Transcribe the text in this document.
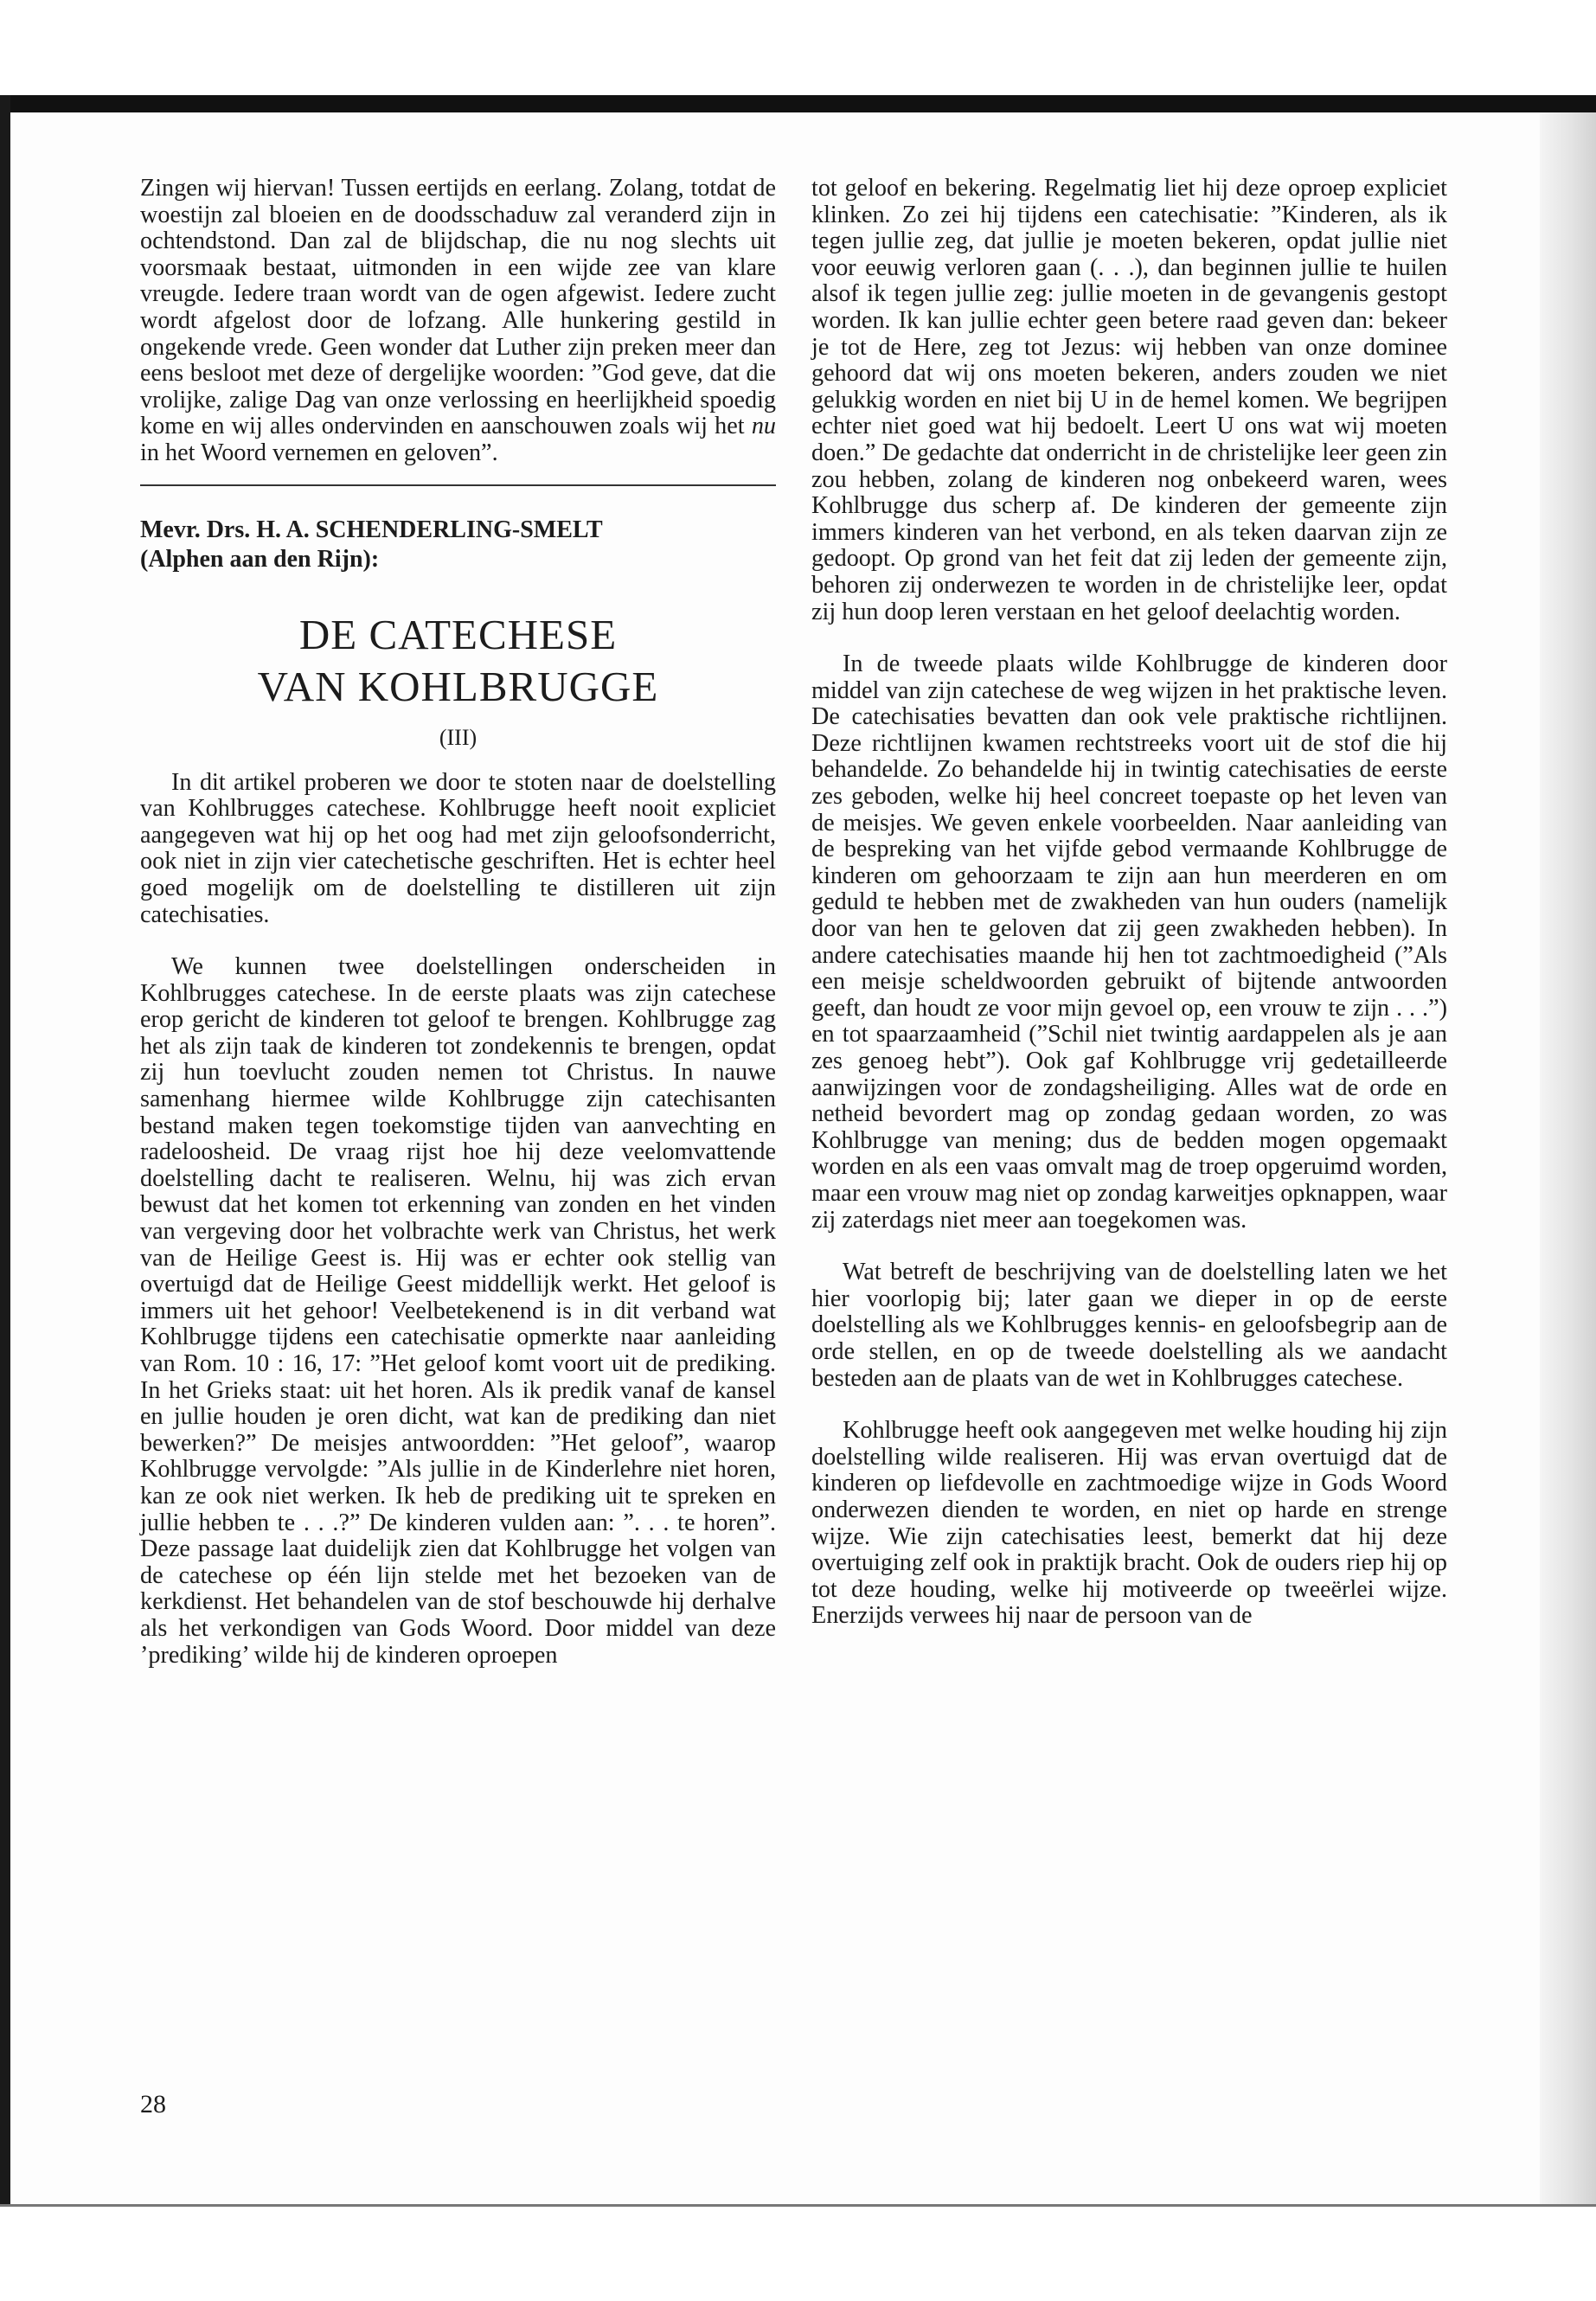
Zingen wij hiervan! Tussen eertijds en eerlang. Zolang, totdat de woestijn zal bloeien en de doodsschaduw zal veranderd zijn in ochtendstond. Dan zal de blijdschap, die nu nog slechts uit voorsmaak bestaat, uitmonden in een wijde zee van klare vreugde. Iedere traan wordt van de ogen afgewist. Iedere zucht wordt afgelost door de lofzang. Alle hunkering gestild in ongekende vrede. Geen wonder dat Luther zijn preken meer dan eens besloot met deze of dergelijke woorden: ”God geve, dat die vrolijke, zalige Dag van onze verlossing en heerlijkheid spoedig kome en wij alles ondervinden en aanschouwen zoals wij het nu in het Woord vernemen en geloven”.

Mevr. Drs. H. A. SCHENDERLING-SMELT
(Alphen aan den Rijn):
DE CATECHESE
VAN KOHLBRUGGE
(III)

In dit artikel proberen we door te stoten naar de doelstelling van Kohlbrugges catechese. Kohlbrugge heeft nooit expliciet aangegeven wat hij op het oog had met zijn geloofsonderricht, ook niet in zijn vier catechetische geschriften. Het is echter heel goed mogelijk om de doelstelling te distilleren uit zijn catechisaties.

We kunnen twee doelstellingen onderscheiden in Kohlbrugges catechese. In de eerste plaats was zijn catechese erop gericht de kinderen tot geloof te brengen. Kohlbrugge zag het als zijn taak de kinderen tot zondekennis te brengen, opdat zij hun toevlucht zouden nemen tot Christus. In nauwe samenhang hiermee wilde Kohlbrugge zijn catechisanten bestand maken tegen toekomstige tijden van aanvechting en radeloosheid. De vraag rijst hoe hij deze veelomvattende doelstelling dacht te realiseren. Welnu, hij was zich ervan bewust dat het komen tot erkenning van zonden en het vinden van vergeving door het volbrachte werk van Christus, het werk van de Heilige Geest is. Hij was er echter ook stellig van overtuigd dat de Heilige Geest middellijk werkt. Het geloof is immers uit het gehoor! Veelbetekenend is in dit verband wat Kohlbrugge tijdens een catechisatie opmerkte naar aanleiding van Rom. 10 : 16, 17: ”Het geloof komt voort uit de prediking. In het Grieks staat: uit het horen. Als ik predik vanaf de kansel en jullie houden je oren dicht, wat kan de prediking dan niet bewerken?” De meisjes antwoordden: ”Het geloof”, waarop Kohlbrugge vervolgde: ”Als jullie in de Kinderlehre niet horen, kan ze ook niet werken. Ik heb de prediking uit te spreken en jullie hebben te . . .?” De kinderen vulden aan: ”. . . te horen”. Deze passage laat duidelijk zien dat Kohlbrugge het volgen van de catechese op één lijn stelde met het bezoeken van de kerkdienst. Het behandelen van de stof beschouwde hij derhalve als het verkondigen van Gods Woord. Door middel van deze ’prediking’ wilde hij de kinderen oproepen

tot geloof en bekering. Regelmatig liet hij deze oproep expliciet klinken. Zo zei hij tijdens een catechisatie: ”Kinderen, als ik tegen jullie zeg, dat jullie je moeten bekeren, opdat jullie niet voor eeuwig verloren gaan (. . .), dan beginnen jullie te huilen alsof ik tegen jullie zeg: jullie moeten in de gevangenis gestopt worden. Ik kan jullie echter geen betere raad geven dan: bekeer je tot de Here, zeg tot Jezus: wij hebben van onze dominee gehoord dat wij ons moeten bekeren, anders zouden we niet gelukkig worden en niet bij U in de hemel komen. We begrijpen echter niet goed wat hij bedoelt. Leert U ons wat wij moeten doen.” De gedachte dat onderricht in de christelijke leer geen zin zou hebben, zolang de kinderen nog onbekeerd waren, wees Kohlbrugge dus scherp af. De kinderen der gemeente zijn immers kinderen van het verbond, en als teken daarvan zijn ze gedoopt. Op grond van het feit dat zij leden der gemeente zijn, behoren zij onderwezen te worden in de christelijke leer, opdat zij hun doop leren verstaan en het geloof deelachtig worden.

In de tweede plaats wilde Kohlbrugge de kinderen door middel van zijn catechese de weg wijzen in het praktische leven. De catechisaties bevatten dan ook vele praktische richtlijnen. Deze richtlijnen kwamen rechtstreeks voort uit de stof die hij behandelde. Zo behandelde hij in twintig catechisaties de eerste zes geboden, welke hij heel concreet toepaste op het leven van de meisjes. We geven enkele voorbeelden. Naar aanleiding van de bespreking van het vijfde gebod vermaande Kohlbrugge de kinderen om gehoorzaam te zijn aan hun meerderen en om geduld te hebben met de zwakheden van hun ouders (namelijk door van hen te geloven dat zij geen zwakheden hebben). In andere catechisaties maande hij hen tot zachtmoedigheid (”Als een meisje scheldwoorden gebruikt of bijtende antwoorden geeft, dan houdt ze voor mijn gevoel op, een vrouw te zijn . . .”) en tot spaarzaamheid (”Schil niet twintig aardappelen als je aan zes genoeg hebt”). Ook gaf Kohlbrugge vrij gedetailleerde aanwijzingen voor de zondagsheiliging. Alles wat de orde en netheid bevordert mag op zondag gedaan worden, zo was Kohlbrugge van mening; dus de bedden mogen opgemaakt worden en als een vaas omvalt mag de troep opgeruimd worden, maar een vrouw mag niet op zondag karweitjes opknappen, waar zij zaterdags niet meer aan toegekomen was.

Wat betreft de beschrijving van de doelstelling laten we het hier voorlopig bij; later gaan we dieper in op de eerste doelstelling als we Kohlbrugges kennis- en geloofsbegrip aan de orde stellen, en op de tweede doelstelling als we aandacht besteden aan de plaats van de wet in Kohlbrugges catechese.

Kohlbrugge heeft ook aangegeven met welke houding hij zijn doelstelling wilde realiseren. Hij was ervan overtuigd dat de kinderen op liefdevolle en zachtmoedige wijze in Gods Woord onderwezen dienden te worden, en niet op harde en strenge wijze. Wie zijn catechisaties leest, bemerkt dat hij deze overtuiging zelf ook in praktijk bracht. Ook de ouders riep hij op tot deze houding, welke hij motiveerde op tweeërlei wijze. Enerzijds verwees hij naar de persoon van de

28
